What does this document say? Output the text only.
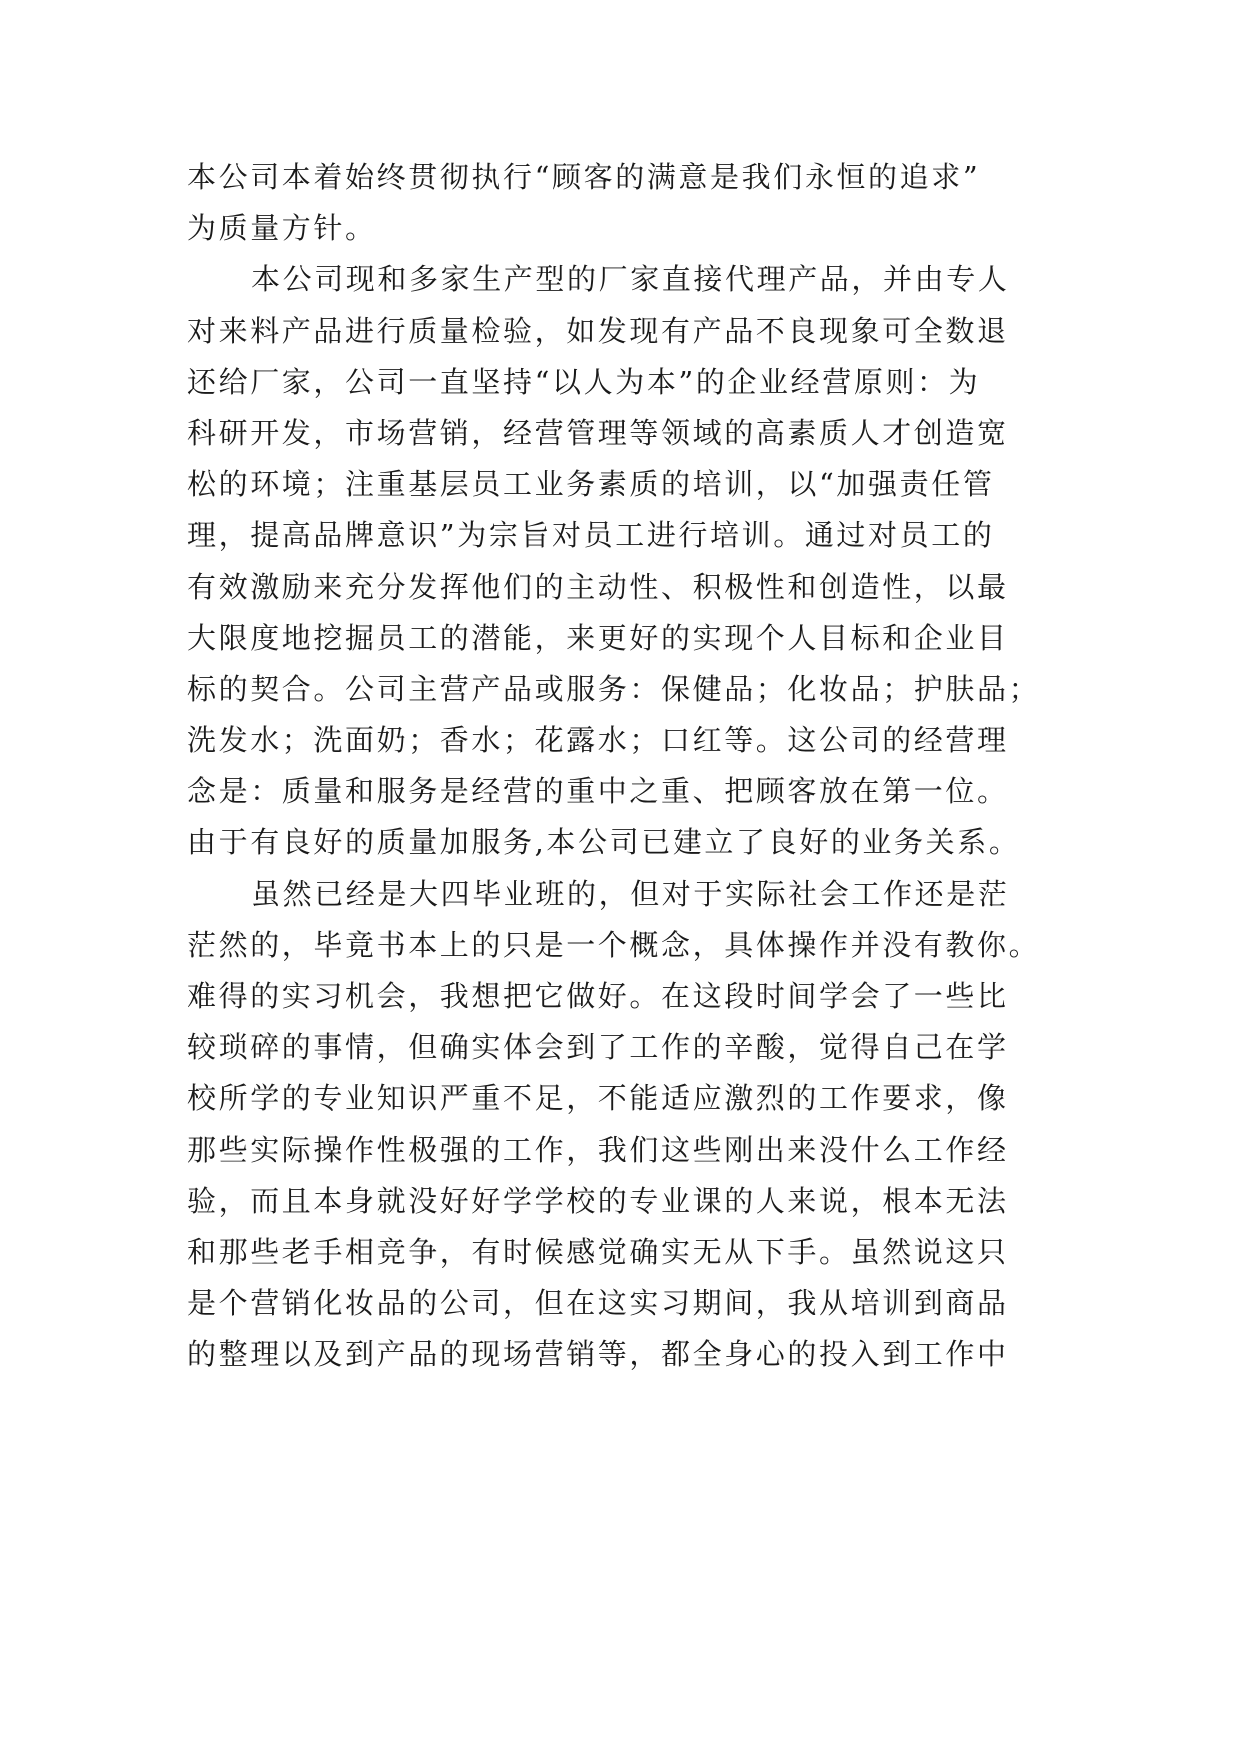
本公司本着始终贯彻执行“顾客的满意是我们永恒的追求”
为质量方针。
本公司现和多家生产型的厂家直接代理产品，并由专人
对来料产品进行质量检验，如发现有产品不良现象可全数退
还给厂家，公司一直坚持“以人为本”的企业经营原则：为
科研开发，市场营销，经营管理等领域的高素质人才创造宽
松的环境；注重基层员工业务素质的培训，以“加强责任管
理，提高品牌意识”为宗旨对员工进行培训。通过对员工的
有效激励来充分发挥他们的主动性、积极性和创造性，以最
大限度地挖掘员工的潜能，来更好的实现个人目标和企业目
标的契合。公司主营产品或服务：保健品；化妆品；护肤品；
洗发水；洗面奶；香水；花露水；口红等。这公司的经营理
念是：质量和服务是经营的重中之重、把顾客放在第一位。
由于有良好的质量加服务,本公司已建立了良好的业务关系。
虽然已经是大四毕业班的，但对于实际社会工作还是茫
茫然的，毕竟书本上的只是一个概念，具体操作并没有教你。
难得的实习机会，我想把它做好。在这段时间学会了一些比
较琐碎的事情，但确实体会到了工作的辛酸，觉得自己在学
校所学的专业知识严重不足，不能适应激烈的工作要求，像
那些实际操作性极强的工作，我们这些刚出来没什么工作经
验，而且本身就没好好学学校的专业课的人来说，根本无法
和那些老手相竞争，有时候感觉确实无从下手。虽然说这只
是个营销化妆品的公司，但在这实习期间，我从培训到商品
的整理以及到产品的现场营销等，都全身心的投入到工作中
